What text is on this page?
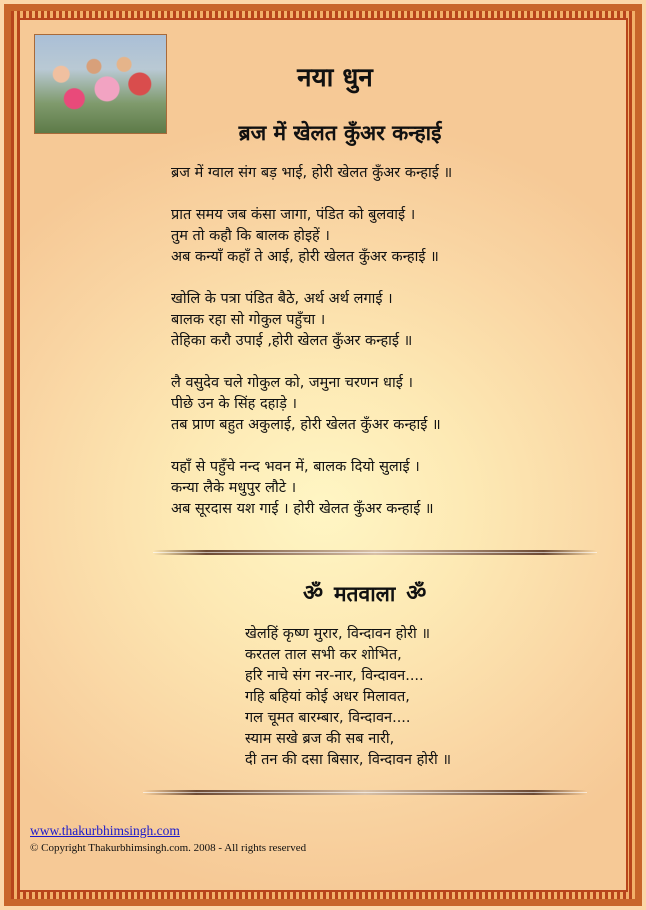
नया धुन
ब्रज में खेलत कुँअर कन्हाई
ब्रज में ग्वाल संग बड़ भाई, होरी खेलत कुँअर कन्हाई ॥
प्रात समय जब कंसा जागा, पंडित को बुलवाई ।
तुम तो कहौ कि बालक होइहें ।
अब कन्याँ कहाँ ते आई, होरी खेलत कुँअर कन्हाई ॥
खोलि के पत्रा पंडित बैठे, अर्थ अर्थ लगाई ।
बालक रहा सो गोकुल पहुँचा ।
तेहिका करौ उपाई ,होरी खेलत कुँअर कन्हाई ॥
लै वसुदेव चले गोकुल को, जमुना चरणन धाई ।
पीछे उन के सिंह दहाड़े ।
तब प्राण बहुत अकुलाई, होरी खेलत कुँअर कन्हाई ॥
यहाँ से पहुँचे नन्द भवन में, बालक दियो सुलाई ।
कन्या लैके मधुपुर लौटे ।
अब सूरदास यश गाई । होरी खेलत कुँअर कन्हाई ॥
ॐ मतवाला ॐ
खेलहिं कृष्ण मुरार, विन्दावन होरी ॥
करतल ताल सभी कर शोभित,
हरि नाचे संग नर-नार, विन्दावन....
गहि बहियां कोई अधर मिलावत,
गल चूमत बारम्बार, विन्दावन....
स्याम सखे ब्रज की सब नारी,
दी तन की दसा बिसार, विन्दावन होरी ॥
www.thakurbhimsingh.com
© Copyright Thakurbhimsingh.com. 2008 - All rights reserved
